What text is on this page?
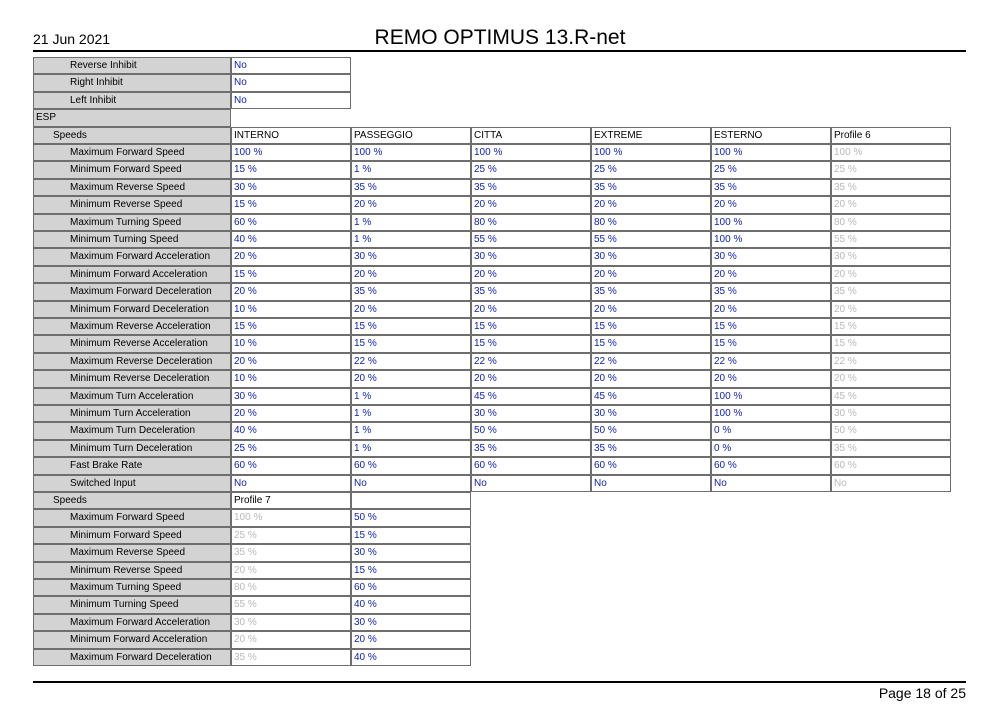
21 Jun 2021	REMO OPTIMUS 13.R-net
Reverse Inhibit	No
Right Inhibit	No
Left Inhibit	No
ESP
Speeds	INTERNO	PASSEGGIO	CITTA	EXTREME	ESTERNO	Profile 6
Maximum Forward Speed	100 %	100 %	100 %	100 %	100 %	100 %
Minimum Forward Speed	15 %	1 %	25 %	25 %	25 %	25 %
Maximum Reverse Speed	30 %	35 %	35 %	35 %	35 %	35 %
Minimum Reverse Speed	15 %	20 %	20 %	20 %	20 %	20 %
Maximum Turning Speed	60 %	1 %	80 %	80 %	100 %	80 %
Minimum Turning Speed	40 %	1 %	55 %	55 %	100 %	55 %
Maximum Forward Acceleration	20 %	30 %	30 %	30 %	30 %	30 %
Minimum Forward Acceleration	15 %	20 %	20 %	20 %	20 %	20 %
Maximum Forward Deceleration	20 %	35 %	35 %	35 %	35 %	35 %
Minimum Forward Deceleration	10 %	20 %	20 %	20 %	20 %	20 %
Maximum Reverse Acceleration	15 %	15 %	15 %	15 %	15 %	15 %
Minimum Reverse Acceleration	10 %	15 %	15 %	15 %	15 %	15 %
Maximum Reverse Deceleration	20 %	22 %	22 %	22 %	22 %	22 %
Minimum Reverse Deceleration	10 %	20 %	20 %	20 %	20 %	20 %
Maximum Turn Acceleration	30 %	1 %	45 %	45 %	100 %	45 %
Minimum Turn Acceleration	20 %	1 %	30 %	30 %	100 %	30 %
Maximum Turn Deceleration	40 %	1 %	50 %	50 %	0 %	50 %
Minimum Turn Deceleration	25 %	1 %	35 %	35 %	0 %	35 %
Fast Brake Rate	60 %	60 %	60 %	60 %	60 %	60 %
Switched Input	No	No	No	No	No	No
Speeds	Profile 7
Maximum Forward Speed	100 %	50 %
Minimum Forward Speed	25 %	15 %
Maximum Reverse Speed	35 %	30 %
Minimum Reverse Speed	20 %	15 %
Maximum Turning Speed	80 %	60 %
Minimum Turning Speed	55 %	40 %
Maximum Forward Acceleration	30 %	30 %
Minimum Forward Acceleration	20 %	20 %
Maximum Forward Deceleration	35 %	40 %
Page 18 of 25
